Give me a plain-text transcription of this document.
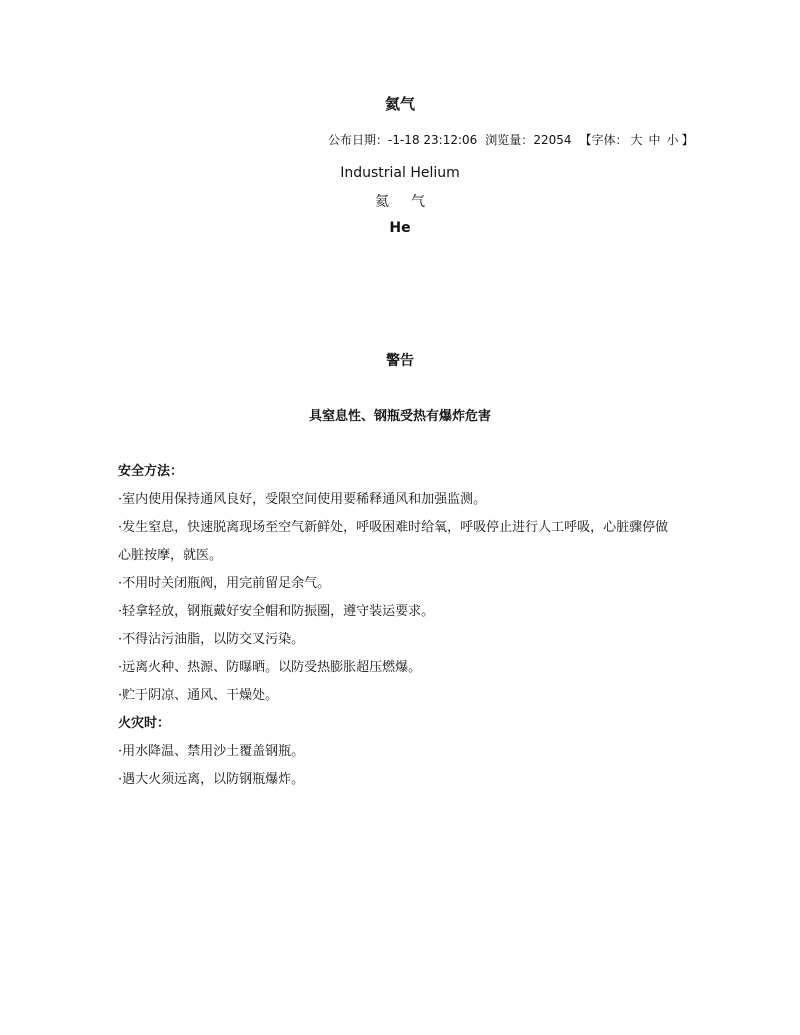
氦气
公布日期：-1-18 23:12:06 浏览量：22054 【字体： 大 中 小 】
Industrial Helium
氦气
He
警告
具窒息性、钢瓶受热有爆炸危害
安全方法：
·室内使用保持通风良好，受限空间使用要稀释通风和加强监测。
·发生窒息，快速脱离现场至空气新鲜处，呼吸困难时给氧，呼吸停止进行人工呼吸，心脏骤停做心脏按摩，就医。
·不用时关闭瓶阀，用完前留足余气。
·轻拿轻放，钢瓶戴好安全帽和防振圈，遵守装运要求。
·不得沾污油脂，以防交叉污染。
·远离火种、热源、防曝晒。以防受热膨胀超压燃爆。
·贮于阴凉、通风、干燥处。
火灾时：
·用水降温、禁用沙土覆盖钢瓶。
·遇大火须远离，以防钢瓶爆炸。
